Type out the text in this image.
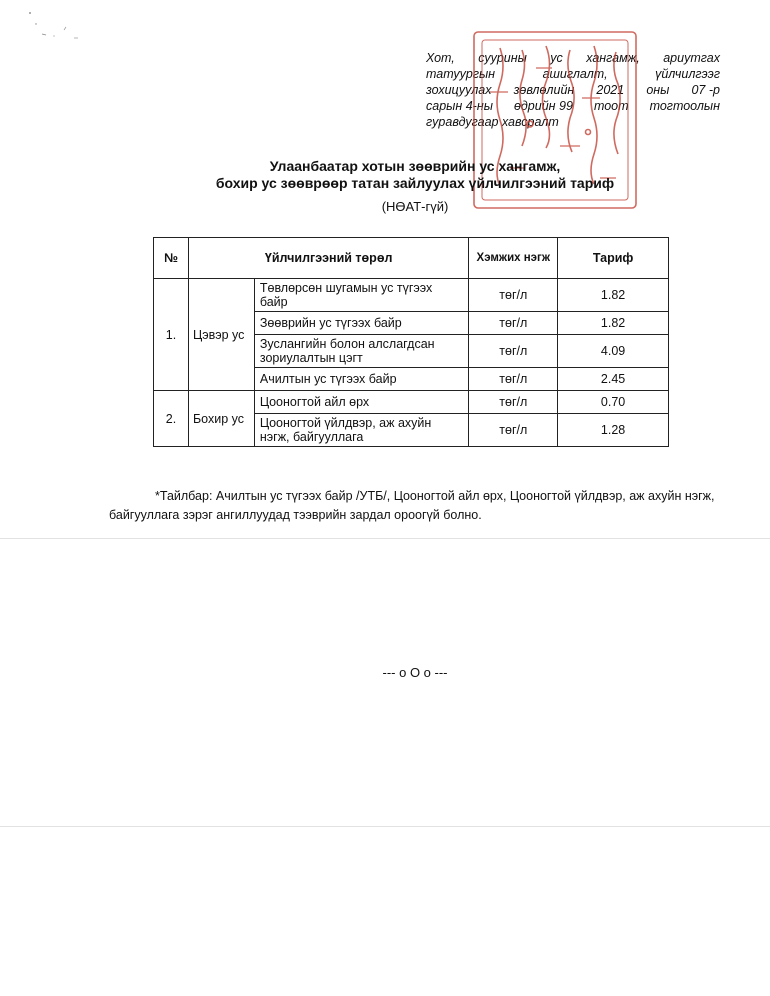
Хот, суурины ус хангамж, ариутгах
татуургын	ашиглалт,	үйлчилгээг
зохицуулах зөвлөлийн 2021 оны 07 -р
сарын 4-ны өдрийн 99 тоот тогтоолын
гуравдугаар хавсралт
Улаанбаатар хотын зөөврийн ус хангамж,
бохир ус зөөврөөр татан зайлуулах үйлчилгээний тариф
(НӨАТ-гүй)
№	Үйлчилгээний төрөл		Хэмжих нэгж	Тариф
1.	Цэвэр ус	Төвлөрсөн шугамын ус түгээх байр	төг/л	1.82
		Зөөврийн ус түгээх байр	төг/л	1.82
		Зуслангийн болон алслагдсан зориулалтын цэгт	төг/л	4.09
		Ачилтын ус түгээх байр	төг/л	2.45
2.	Бохир ус	Цооногтой айл өрх	төг/л	0.70
		Цооногтой үйлдвэр, аж ахуйн нэгж, байгууллага	төг/л	1.28
*Тайлбар: Ачилтын ус түгээх байр /УТБ/, Цооногтой айл өрх, Цооногтой үйлдвэр, аж ахуйн нэгж, байгууллага зэрэг ангиллуудад тээврийн зардал ороогүй болно.
--- o O o ---
